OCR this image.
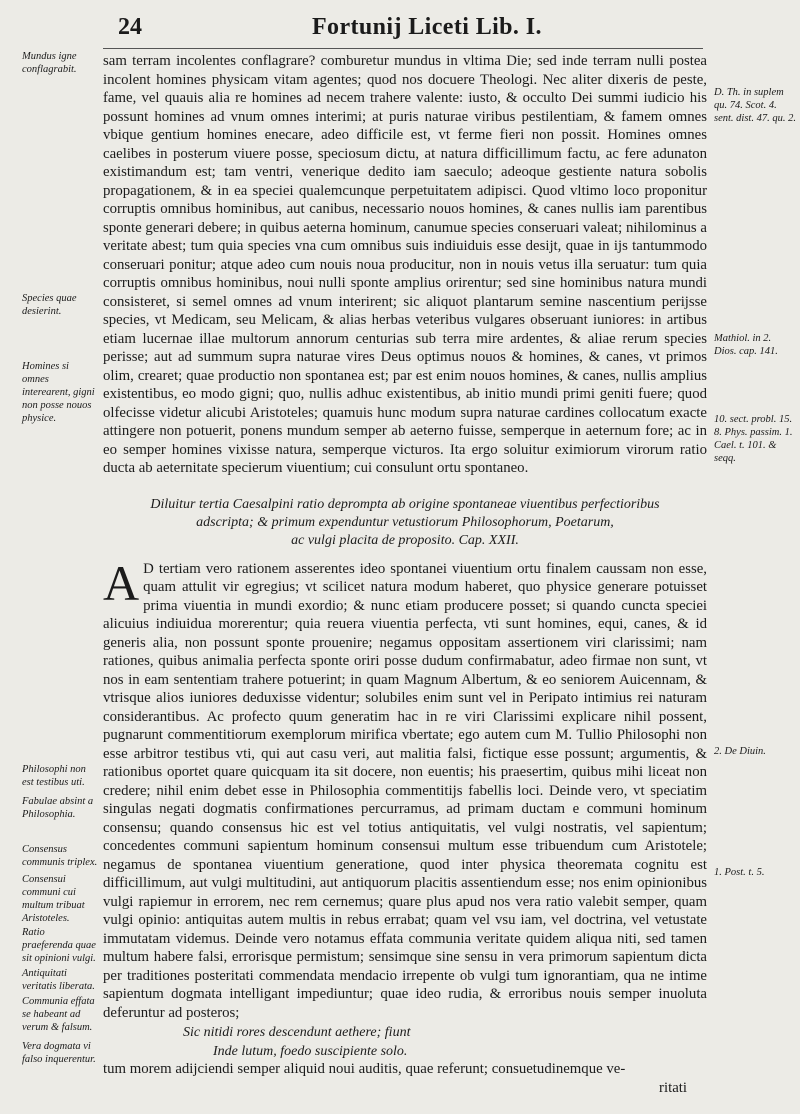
24	Fortunij Liceti Lib. I.
Mundus igne conflagrabit.
Species quae desierint.
Homines si omnes interearent, gigni non posse nouos physice.
Philosophi non est testibus uti.
Fabulae absint a Philosophia.
Consensus communis triplex.
Consensui communi cui multum tribuat Aristoteles.
Ratio praeferenda quae sit opinioni vulgi.
Antiquitati veritatis liberata.
Communia effata se habeant ad verum & falsum.
Vera dogmata vi falso inquerentur.
D. Th. in suplem qu. 74. Scot. 4. sent. dist. 47. qu. 2.
Mathiol. in 2. Dios. cap. 141.
10. sect. probl. 15. 8. Phys. passim. 1. Cael. t. 101. & seqq.
2. De Diuin.
1. Post. t. 5.

sam terram incolentes conflagrare? comburetur mundus in vltima Die; sed inde terram nulli postea incolent homines physicam vitam agentes; quod nos docuere Theologi. Nec aliter dixeris de peste, fame, vel quauis alia re homines ad necem trahere valente: iusto, & occulto Dei summi iudicio his possunt homines ad vnum omnes interimi; at puris naturae viribus pestilentiam, & famem omnes vbique gentium homines enecare, adeo difficile est, vt ferme fieri non possit. Homines omnes caelibes in posterum viuere posse, speciosum dictu, at natura difficillimum factu, ac fere adunaton existimandum est; tam ventri, venerique dedito iam saeculo; adeoque gestiente natura sobolis propagationem, & in ea speciei qualemcunque perpetuitatem adipisci. Quod vltimo loco proponitur corruptis omnibus hominibus, aut canibus, necessario nouos homines, & canes nullis iam parentibus sponte generari debere; in quibus aeterna hominum, canumue species conseruari valeat; nihilominus a veritate abest; tum quia species vna cum omnibus suis indiuiduis esse desijt, quae in ijs tantummodo conseruari ponitur; atque adeo cum nouis noua producitur, non in nouis vetus illa seruatur: tum quia corruptis omnibus hominibus, noui nulli sponte amplius orirentur; sed sine hominibus natura mundi consisteret, si semel omnes ad vnum interirent; sic aliquot plantarum semine nascentium perijsse species, vt Medicam, seu Melicam, & alias herbas veteribus vulgares obseruant iuniores: in artibus etiam lucernae illae multorum annorum centurias sub terra mire ardentes, & aliae rerum species perisse; aut ad summum supra naturae vires Deus optimus nouos & homines, & canes, vt primos olim, crearet; quae productio non spontanea est; par est enim nouos homines, & canes, nullis amplius existentibus, eo modo gigni; quo, nullis adhuc existentibus, ab initio mundi primi geniti fuere; quod olfecisse videtur alicubi Aristoteles; quamuis hunc modum supra naturae cardines collocatum exacte attingere non potuerit, ponens mundum semper ab aeterno fuisse, semperque in aeternum fore; ac in eo semper homines vixisse natura, semperque victuros. Ita ergo soluitur eximiorum virorum ratio ducta ab aeternitate specierum viuentium; cui consulunt ortu spontaneo.

Diluitur tertia Caesalpini ratio deprompta ab origine spontaneae viuentibus perfectioribus adscripta; & primum expenduntur vetustiorum Philosophorum, Poetarum,
ac vulgi placita de proposito. Cap. XXII.

A D tertiam vero rationem asserentes ideo spontanei viuentium ortu finalem caussam non esse, quam attulit vir egregius; vt scilicet natura modum haberet, quo physice generare potuisset prima viuentia in mundi exordio; & nunc etiam producere posset; si quando cuncta speciei alicuius indiuidua morerentur; quia reuera viuentia perfecta, vti sunt homines, equi, canes, & id generis alia, non possunt sponte prouenire; negamus oppositam assertionem viri clarissimi; nam rationes, quibus animalia perfecta sponte oriri posse dudum confirmabatur, adeo firmae non sunt, vt nos in eam sententiam trahere potuerint; in quam Magnum Albertum, & eo seniorem Auicennam, & vtrisque alios iuniores deduxisse videntur; solubiles enim sunt vel in Peripato intimius rei naturam considerantibus. Ac profecto quum generatim hac in re viri Clarissimi explicare nihil possent, pugnarunt commentitiorum exemplorum mirifica vbertate; ego autem cum M. Tullio Philosophi non esse arbitror testibus vti, qui aut casu veri, aut malitia falsi, fictique esse possunt; argumentis, & rationibus oportet quare quicquam ita sit docere, non euentis; his praesertim, quibus mihi liceat non credere; nihil enim debet esse in Philosophia commentitijs fabellis loci. Deinde vero, vt speciatim singulas negati dogmatis confirmationes percurramus, ad primam ductam e communi hominum consensu; quando consensus hic est vel totius antiquitatis, vel vulgi nostratis, vel sapientum; concedentes communi sapientum hominum consensui multum esse tribuendum cum Aristotele; negamus de spontanea viuentium generatione, quod inter physica theoremata cognitu est difficillimum, aut vulgi multitudini, aut antiquorum placitis assentiendum esse; nos enim opinionibus vulgi rapiemur in errorem, nec rem cernemus; quare plus apud nos vera ratio valebit semper, quam vulgi opinio: antiquitas autem multis in rebus errabat; quam vel vsu iam, vel doctrina, vel vetustate immutatam videmus. Deinde vero notamus effata communia veritate quidem aliqua niti, sed tamen multum habere falsi, errorisque permistum; sensimque sine sensu in vera primorum sapientum dicta per traditiones posteritati commendata mendacio irrepente ob vulgi tum ignorantiam, qua ne intime sapientum dogmata intelligant impediuntur; quae ideo rudia, & erroribus nouis semper inuoluta deferuntur ad posteros;

Sic nitidi rores descendunt aethere; fiunt
Inde lutum, foedo suscipiente solo.

tum morem adijciendi semper aliquid noui auditis, quae referunt; consuetudinemque ve-

ritati
